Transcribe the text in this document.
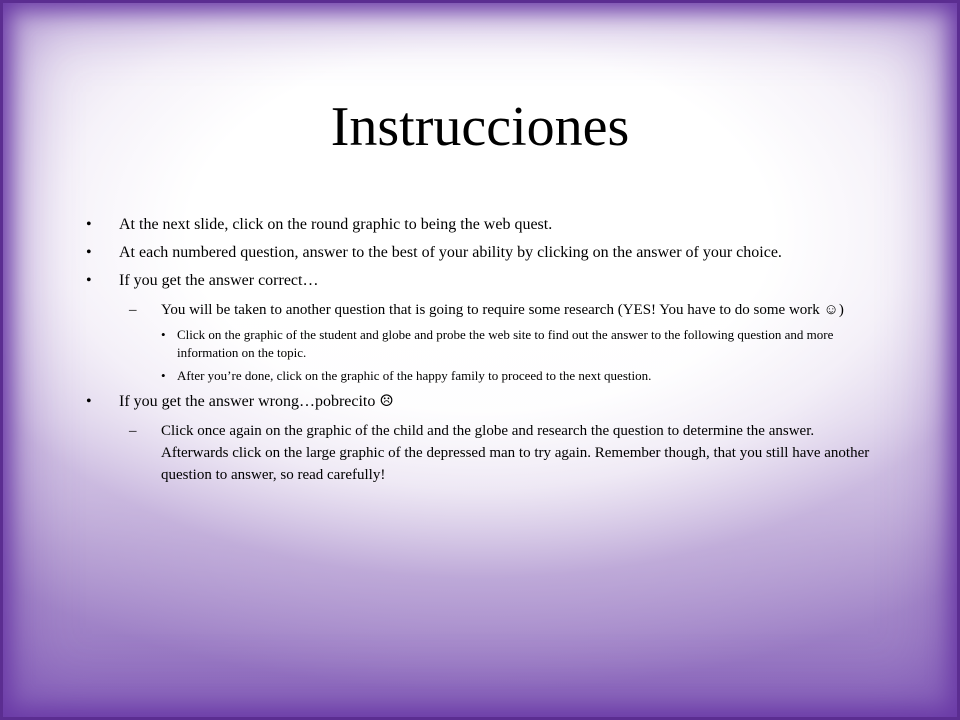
Instrucciones
• At the next slide, click on the round graphic to being the web quest.
• At each numbered question, answer to the best of your ability by clicking on the answer of your choice.
• If you get the answer correct…
– You will be taken to another question that is going to require some research (YES! You have to do some work ☺)
• Click on the graphic of the student and globe and probe the web site to find out the answer to the following question and more information on the topic.
• After you’re done, click on the graphic of the happy family to proceed to the next question.
• If you get the answer wrong…pobrecito ☹
– Click once again on the graphic of the child and the globe and research the question to determine the answer. Afterwards click on the large graphic of the depressed man to try again. Remember though, that you still have another question to answer, so read carefully!
